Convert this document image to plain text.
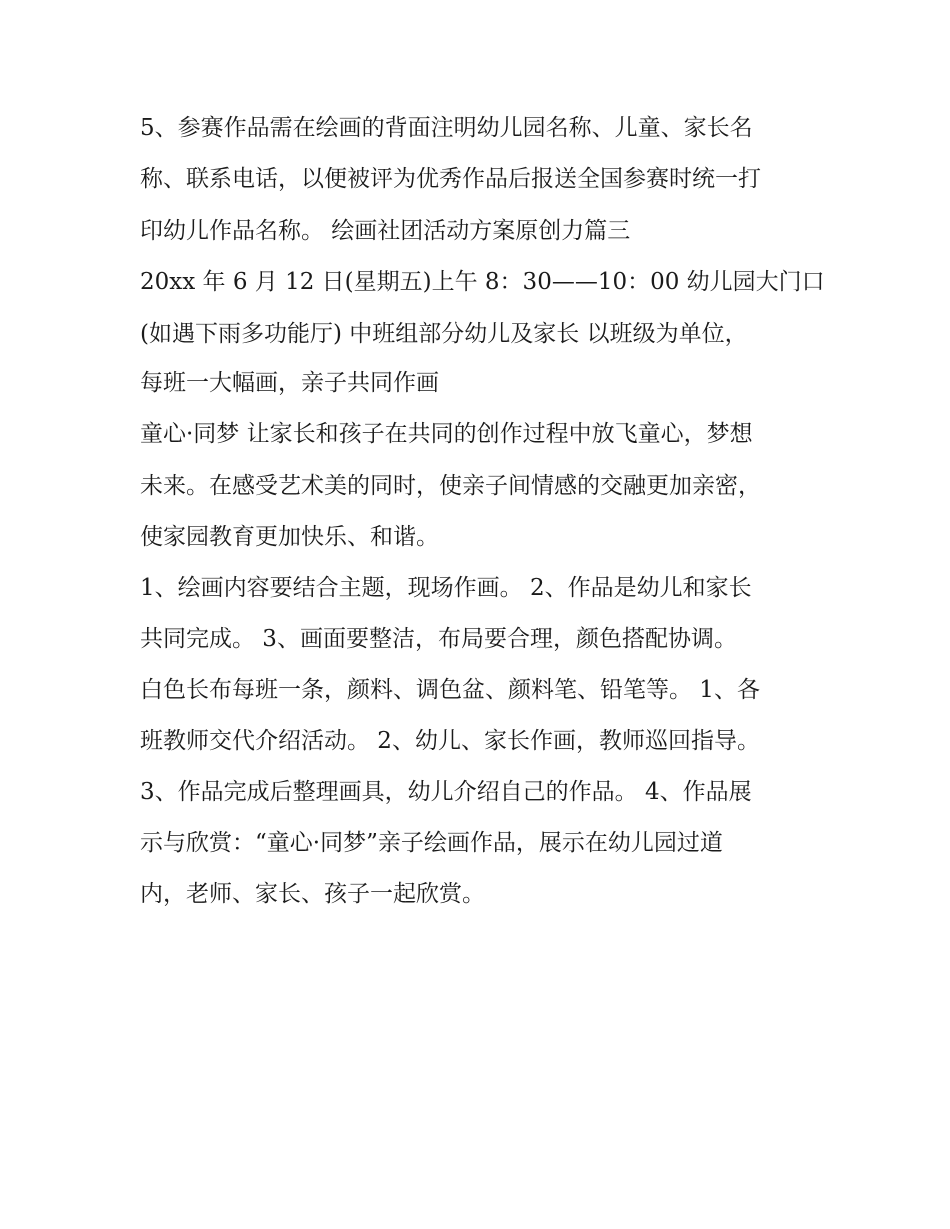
5、参赛作品需在绘画的背面注明幼儿园名称、儿童、家长名
称、联系电话，以便被评为优秀作品后报送全国参赛时统一打
印幼儿作品名称。 绘画社团活动方案原创力篇三
20xx 年 6 月 12 日(星期五)上午 8：30——10：00 幼儿园大门口
(如遇下雨多功能厅) 中班组部分幼儿及家长 以班级为单位，
每班一大幅画，亲子共同作画
童心·同梦 让家长和孩子在共同的创作过程中放飞童心，梦想
未来。在感受艺术美的同时，使亲子间情感的交融更加亲密，
使家园教育更加快乐、和谐。
1、绘画内容要结合主题，现场作画。 2、作品是幼儿和家长
共同完成。 3、画面要整洁，布局要合理，颜色搭配协调。
白色长布每班一条，颜料、调色盆、颜料笔、铅笔等。 1、各
班教师交代介绍活动。 2、幼儿、家长作画，教师巡回指导。
3、作品完成后整理画具，幼儿介绍自己的作品。 4、作品展
示与欣赏：“童心·同梦”亲子绘画作品，展示在幼儿园过道
内，老师、家长、孩子一起欣赏。
